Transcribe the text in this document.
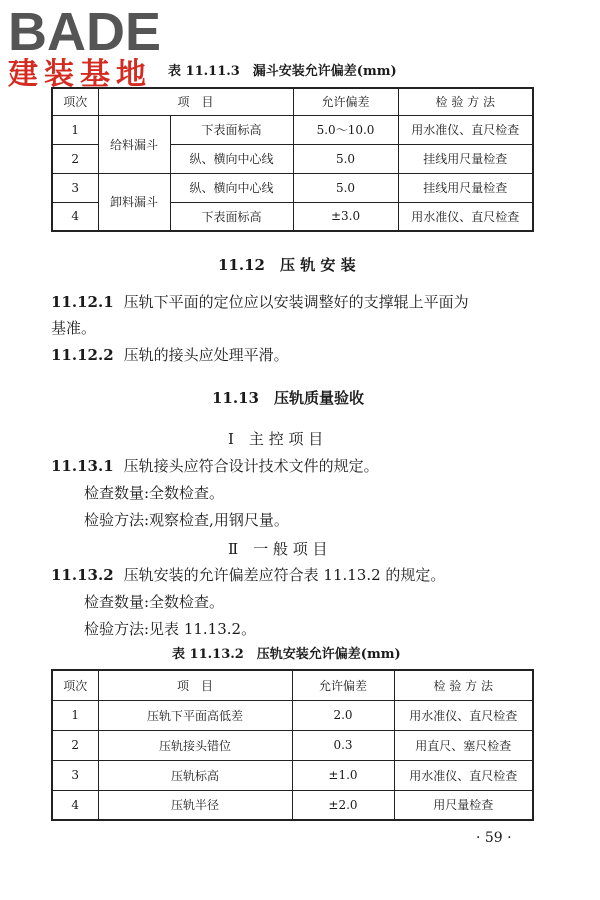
BADE
建装基地 表 11.11.3　漏斗安装允许偏差(mm)
项次	项　目		允许偏差	检 验 方 法
1	给料漏斗	下表面标高	5.0～10.0	用水准仪、直尺检查
2		纵、横向中心线	5.0	挂线用尺量检查
3	卸料漏斗	纵、横向中心线	5.0	挂线用尺量检查
4		下表面标高	±3.0	用水准仪、直尺检查
11.12　压 轨 安 装
11.12.1 压轨下平面的定位应以安装调整好的支撑辊上平面为
基准。
11.12.2 压轨的接头应处理平滑。
11.13　压轨质量验收
Ⅰ　主 控 项 目
11.13.1 压轨接头应符合设计技术文件的规定。
检查数量:全数检查。
检验方法:观察检查,用钢尺量。
Ⅱ　一 般 项 目
11.13.2 压轨安装的允许偏差应符合表 11.13.2 的规定。
检查数量:全数检查。
检验方法:见表 11.13.2。
表 11.13.2　压轨安装允许偏差(mm)
项次	项　目	允许偏差	检 验 方 法
1	压轨下平面高低差	2.0	用水准仪、直尺检查
2	压轨接头错位	0.3	用直尺、塞尺检查
3	压轨标高	±1.0	用水准仪、直尺检查
4	压轨半径	±2.0	用尺量检查
· 59 ·
